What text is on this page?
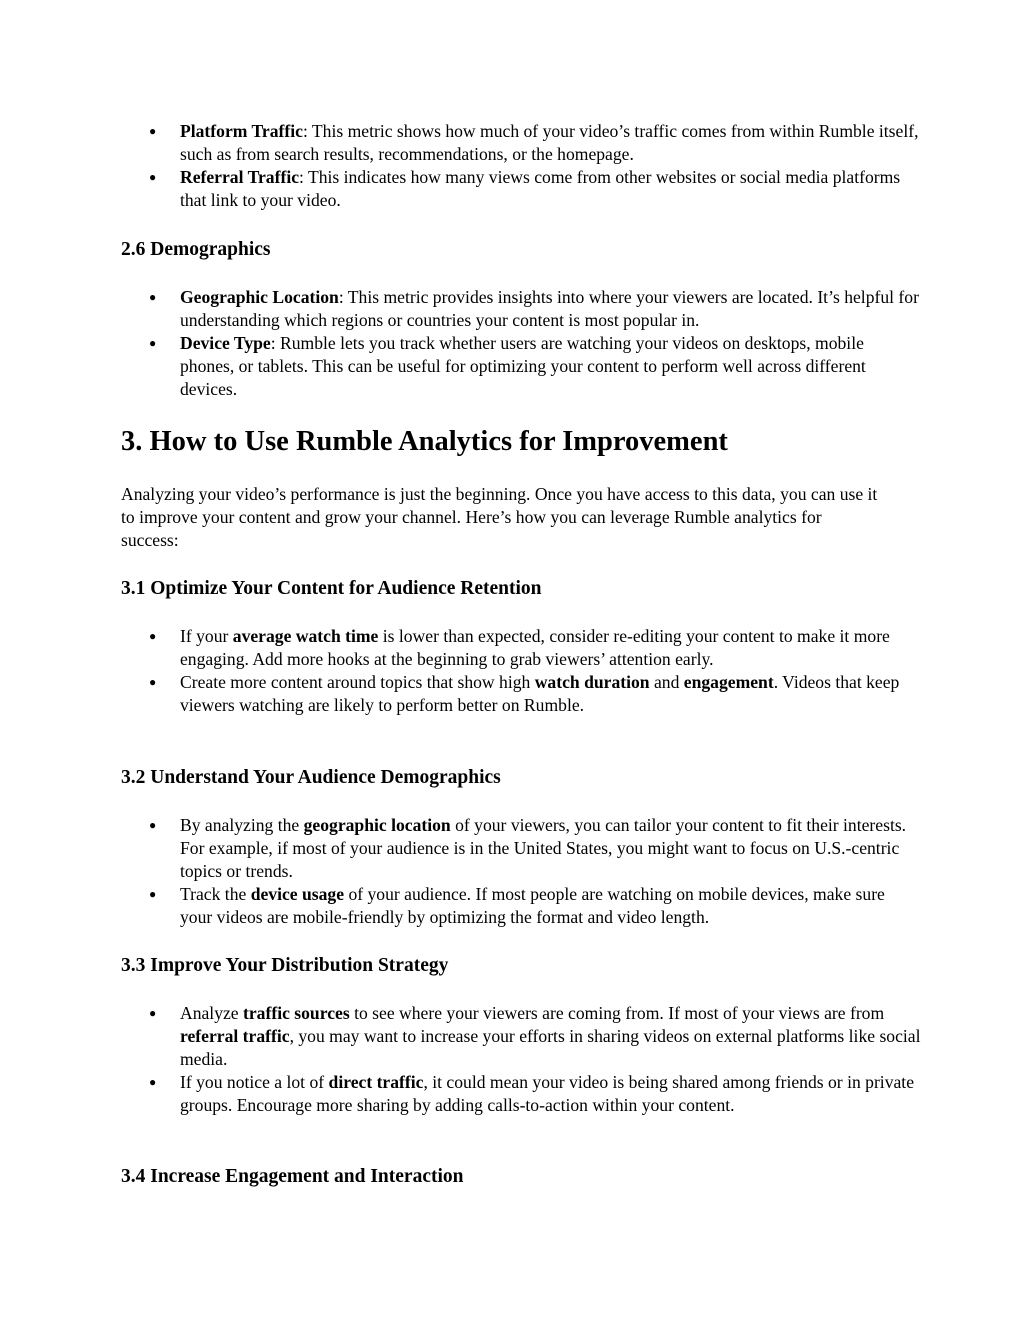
● Platform Traffic: This metric shows how much of your video’s traffic comes from within Rumble itself, such as from search results, recommendations, or the homepage.
● Referral Traffic: This indicates how many views come from other websites or social media platforms that link to your video.
2.6 Demographics
● Geographic Location: This metric provides insights into where your viewers are located. It’s helpful for understanding which regions or countries your content is most popular in.
● Device Type: Rumble lets you track whether users are watching your videos on desktops, mobile phones, or tablets. This can be useful for optimizing your content to perform well across different devices.
3. How to Use Rumble Analytics for Improvement

Analyzing your video’s performance is just the beginning. Once you have access to this data, you can use it to improve your content and grow your channel. Here’s how you can leverage Rumble analytics for success:

3.1 Optimize Your Content for Audience Retention
● If your average watch time is lower than expected, consider re-editing your content to make it more engaging. Add more hooks at the beginning to grab viewers’ attention early.
● Create more content around topics that show high watch duration and engagement. Videos that keep viewers watching are likely to perform better on Rumble.
3.2 Understand Your Audience Demographics
● By analyzing the geographic location of your viewers, you can tailor your content to fit their interests. For example, if most of your audience is in the United States, you might want to focus on U.S.-centric topics or trends.
● Track the device usage of your audience. If most people are watching on mobile devices, make sure your videos are mobile-friendly by optimizing the format and video length.
3.3 Improve Your Distribution Strategy
● Analyze traffic sources to see where your viewers are coming from. If most of your views are from referral traffic, you may want to increase your efforts in sharing videos on external platforms like social media.
● If you notice a lot of direct traffic, it could mean your video is being shared among friends or in private groups. Encourage more sharing by adding calls-to-action within your content.
3.4 Increase Engagement and Interaction
